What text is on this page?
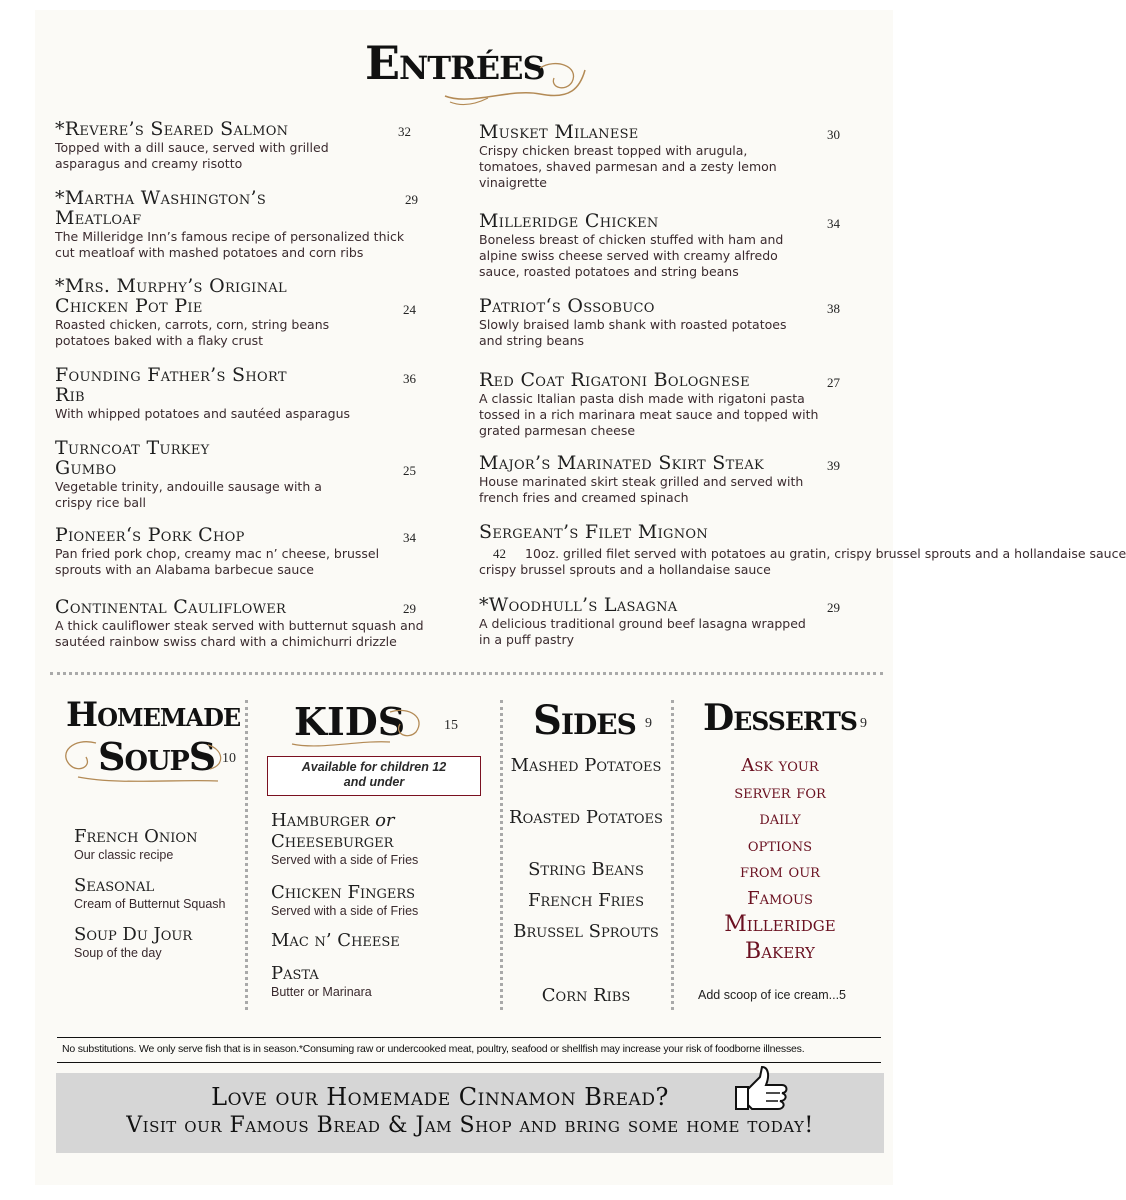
Entrées
*Revere’s Seared Salmon
Topped with a dill sauce, served with grilled asparagus and creamy risotto
32
*Martha Washington’s Meatloaf
The Milleridge Inn’s famous recipe of personalized thick cut meatloaf with mashed potatoes and corn ribs
29
*Mrs. Murphy’s Original Chicken Pot Pie
Roasted chicken, carrots, corn, string beans potatoes baked with a flaky crust
24
Founding Father’s Short Rib
With whipped potatoes and sautéed asparagus
36
Turncoat Turkey Gumbo
Vegetable trinity, andouille sausage with a crispy rice ball
25
Pioneer‘s Pork Chop
Pan fried pork chop, creamy mac n’ cheese, brussel sprouts with an Alabama barbecue sauce
34
Continental Cauliflower
A thick cauliflower steak served with butternut squash and sautéed rainbow swiss chard with a chimichurri drizzle
29
Musket Milanese
Crispy chicken breast topped with arugula, tomatoes, shaved parmesan and a zesty lemon vinaigrette
30
Milleridge Chicken
Boneless breast of chicken stuffed with ham and alpine swiss cheese served with creamy alfredo sauce, roasted potatoes and string beans
34
Patriot‘s Ossobuco
Slowly braised lamb shank with roasted potatoes and string beans
38
Red Coat Rigatoni Bolognese
A classic Italian pasta dish made with rigatoni pasta tossed in a rich marinara meat sauce and topped with grated parmesan cheese
27
Major’s Marinated Skirt Steak
House marinated skirt steak grilled and served with french fries and creamed spinach
39
Sergeant’s Filet Mignon
42 10oz. grilled filet served with potatoes au gratin, crispy brussel sprouts and a hollandaise sauce
crispy brussel sprouts and a hollandaise sauce
*Woodhull’s Lasagna
A delicious traditional ground beef lasagna wrapped in a puff pastry
29
Homemade
SoupS 10
French Onion
Our classic recipe
Seasonal
Cream of Butternut Squash
Soup Du Jour
Soup of the day
KIDS	15
Available for children 12 and under
Hamburger or
Cheeseburger
Served with a side of Fries
Chicken Fingers
Served with a side of Fries
Mac n’ Cheese
Pasta
Butter or Marinara
Sides 9
Mashed Potatoes
Roasted Potatoes
String Beans
French Fries
Brussel Sprouts
Corn Ribs
Desserts 9
Ask your
server for
daily
options
from our
Famous
Milleridge
Bakery
Add scoop of ice cream...5
No substitutions. We only serve fish that is in season.*Consuming raw or undercooked meat, poultry, seafood or shellfish may increase your risk of foodborne illnesses.
Love our Homemade Cinnamon Bread?
Visit our Famous Bread & Jam Shop and bring some home today!
